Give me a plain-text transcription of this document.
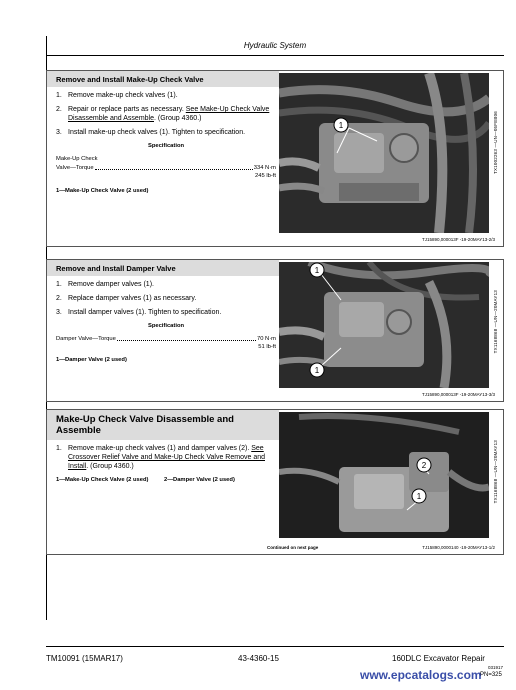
Hydraulic System
Remove and Install Make-Up Check Valve
1. Remove make-up check valves (1).
2. Repair or replace parts as necessary. See Make-Up Check Valve Disassemble and Assemble. (Group 4360.)
3. Install make-up check valves (1). Tighten to specification.
Specification
Make-Up Check
Valve—Torque	334 N·m
245 lb-ft
1—Make-Up Check Valve (2 used)
1	TX1002263 —UN—05FEB06
TJ15890,000013F -19-20MAY13-2/3
Remove and Install Damper Valve
1. Remove damper valves (1).
2. Replace damper valves (1) as necessary.
3. Install damper valves (1). Tighten to specification.
Specification
Damper Valve—Torque	70 N·m
51 lb-ft
1—Damper Valve (2 used)
1
1
TX1168868 —UN—20MAY13
TJ15890,000013F -19-20MAY13-3/3
Make-Up Check Valve Disassemble and
Assemble
1. Remove make-up check valves (1) and damper valves (2). See Crossover Relief Valve and Make-Up Check Valve Remove and Install. (Group 4360.)
1—Make-Up Check Valve (2 used)	2—Damper Valve (2 used)
2
1	TX1168868 —UN—20MAY13
Continued on next page	TJ15890,0000140 -19-20MAY13-1/2
TM10091 (15MAR17)	43-4360-15	160DLC Excavator Repair
031917
PN=325
www.epcatalogs.com
